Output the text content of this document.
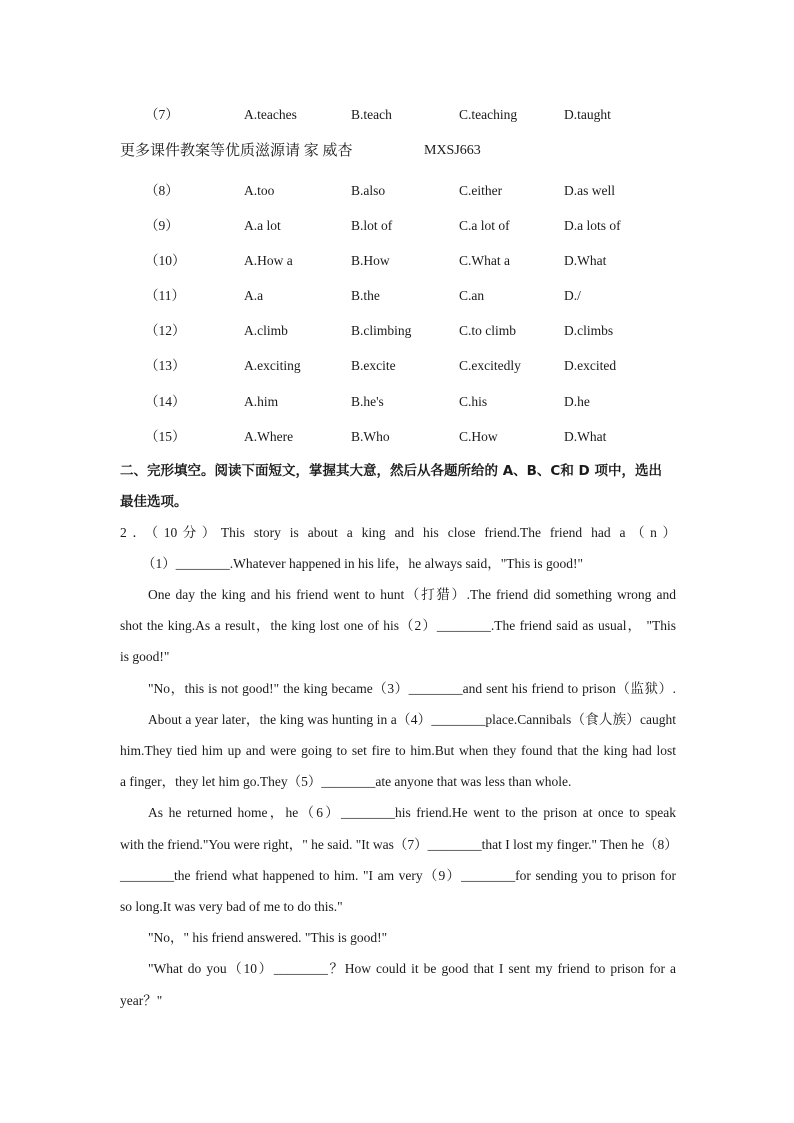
（7）	A.teaches	B.teach	C.teaching	D.taught
更多课件教案等优质滋源请 家 威杏	MXSJ663
（8）	A.too	B.also	C.either	D.as well
（9）	A.a lot	B.lot of	C.a lot of	D.a lots of
（10）	A.How a	B.How	C.What a	D.What
（11）	A.a	B.the	C.an	D./
（12）	A.climb	B.climbing	C.to climb	D.climbs
（13）	A.exciting	B.excite	C.excitedly	D.excited
（14）	A.him	B.he's	C.his	D.he
（15）	A.Where	B.Who	C.How	D.What
二、完形填空。阅读下面短文，掌握其大意，然后从各题所给的 A、B、C和 D 项中，选出
最佳选项。
2．（10分）This story is about a king and his close friend.The friend had a（n）
（1）________.Whatever happened in his life，he always said，"This is good!"
One day the king and his friend went to hunt（打猎）.The friend did something wrong and
shot the king.As a result，the king lost one of his（2）________.The friend said as usual， "This
is good!"
"No，this is not good!" the king became（3）________and sent his friend to prison（监狱）.
About a year later，the king was hunting in a（4）________place.Cannibals（食人族）caught
him.They tied him up and were going to set fire to him.But when they found that the king had lost
a finger，they let him go.They（5）________ate anyone that was less than whole.
As he returned home，he（6）________his friend.He went to the prison at once to speak
with the friend."You were right，" he said. "It was（7）________that I lost my finger." Then he（8）
________the friend what happened to him. "I am very（9）________for sending you to prison for
so long.It was very bad of me to do this."
"No，" his friend answered. "This is good!"
"What do you（10）________？How could it be good that I sent my friend to prison for a
year？"
